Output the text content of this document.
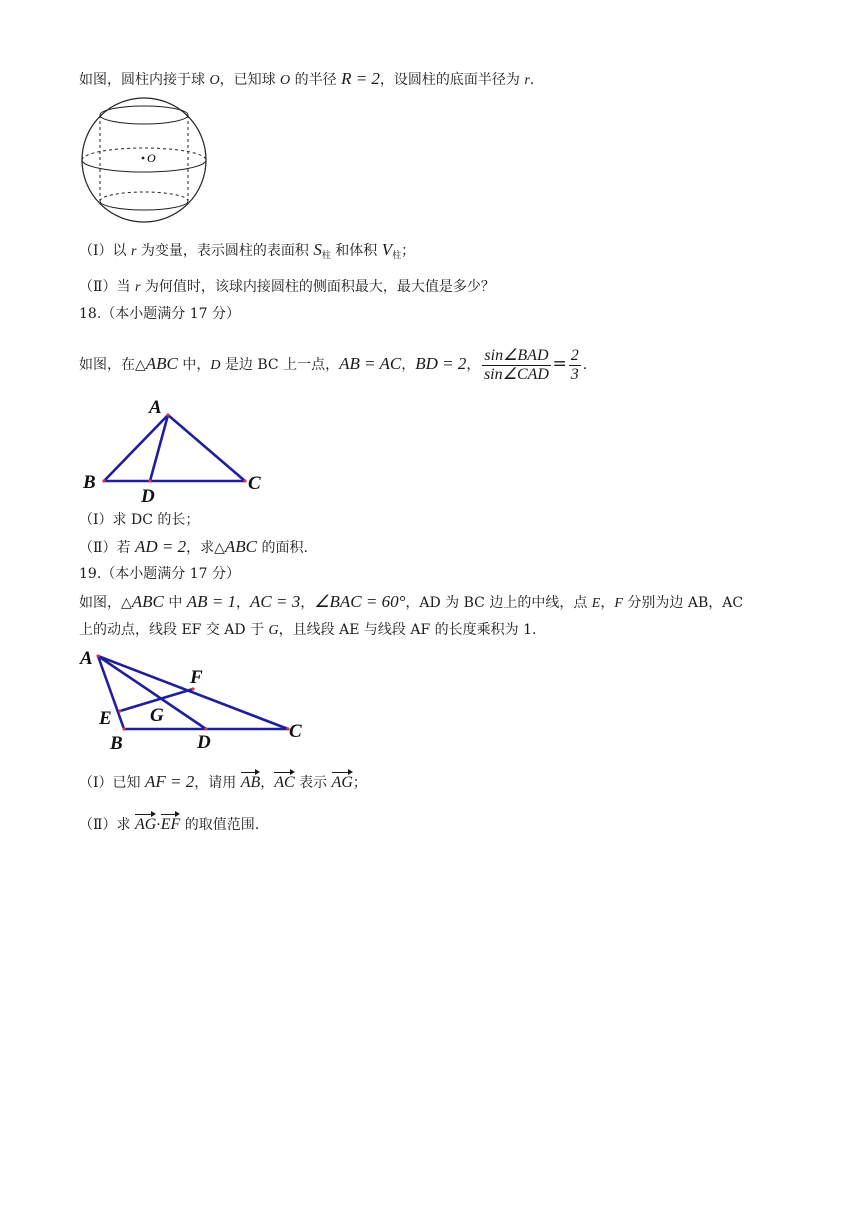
如图，圆柱内接于球 O，已知球 O 的半径 R = 2，设圆柱的底面半径为 r.
O
（Ⅰ）以 r 为变量，表示圆柱的表面积 $S_柱$ 和体积 $V_柱$；
（Ⅱ）当 r 为何值时，该球内接圆柱的侧面积最大，最大值是多少？
18.（本小题满分 17 分）
如图，在△ABC 中，D 是边 BC 上一点，AB = AC，BD = 2， $\frac{\text{sin∠BAD}}{\text{sin∠CAD}} = \frac{2}{3}$ .
A
B	C
D
（Ⅰ）求 DC 的长；
（Ⅱ）若 AD = 2，求△ABC 的面积.
19.（本小题满分 17 分）
如图，△ABC 中 AB = 1，AC = 3，∠BAC = 60°，AD 为 BC 边上的中线，点 E，F 分别为边 AB，AC
上的动点，线段 EF 交 AD 于 G，且线段 AE 与线段 AF 的长度乘积为 1.
A
B
C
D
E
F
G
（Ⅰ）已知 AF = 2，请用 AB，AC 表示 AG；
（Ⅱ）求 AG·EF 的取值范围.
